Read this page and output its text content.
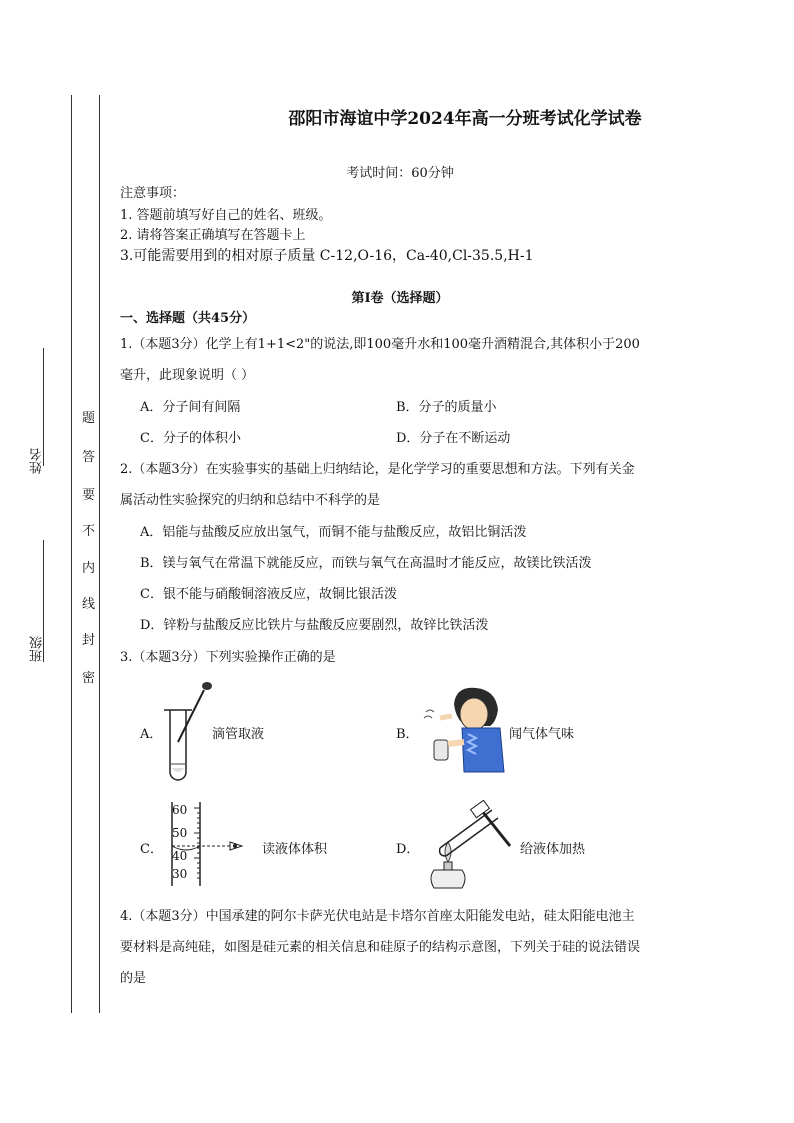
姓名
班级
题
答
要
不
内
线
封
密
邵阳市海谊中学2024年高一分班考试化学试卷
考试时间：60分钟
注意事项：
1. 答题前填写好自己的姓名、班级。
2. 请将答案正确填写在答题卡上
3.可能需要用到的相对原子质量 C-12,O-16，Ca-40,Cl-35.5,H-1
第Ⅰ卷（选择题）
一、选择题（共45分）
1.（本题3分）化学上有1+1<2"的说法,即100毫升水和100毫升酒精混合,其体积小于200
毫升，此现象说明（ ）
A．分子间有间隔	B．分子的质量小
C．分子的体积小	D．分子在不断运动
2.（本题3分）在实验事实的基础上归纳结论，是化学学习的重要思想和方法。下列有关金
属活动性实验探究的归纳和总结中不科学的是
A．铝能与盐酸反应放出氢气，而铜不能与盐酸反应，故铝比铜活泼
B．镁与氧气在常温下就能反应，而铁与氧气在高温时才能反应，故镁比铁活泼
C．银不能与硝酸铜溶液反应，故铜比银活泼
D．锌粉与盐酸反应比铁片与盐酸反应要剧烈，故锌比铁活泼
3.（本题3分）下列实验操作正确的是
A．	滴管取液	B．	闻气体气味
C．	读液体体积	D．	给液体加热
4.（本题3分）中国承建的阿尔卡萨光伏电站是卡塔尔首座太阳能发电站，硅太阳能电池主
要材料是高纯硅，如图是硅元素的相关信息和硅原子的结构示意图，下列关于硅的说法错误
的是
60
50
40
30
